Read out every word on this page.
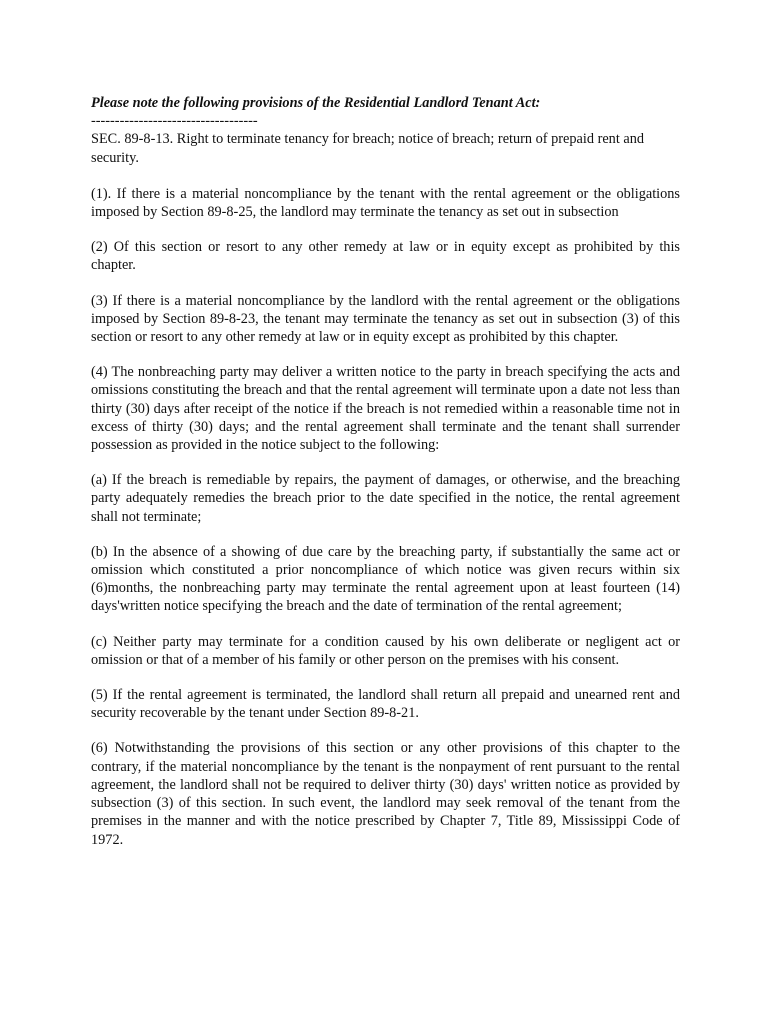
Please note the following provisions of the Residential Landlord Tenant Act:

-----------------------------------

SEC. 89-8-13. Right to terminate tenancy for breach; notice of breach; return of prepaid rent and security.

(1). If there is a material noncompliance by the tenant with the rental agreement or the obligations imposed by Section 89-8-25, the landlord may terminate the tenancy as set out in subsection

(2) Of this section or resort to any other remedy at law or in equity except as prohibited by this chapter.

(3) If there is a material noncompliance by the landlord with the rental agreement or the obligations imposed by Section 89-8-23, the tenant may terminate the tenancy as set out in subsection (3) of this section or resort to any other remedy at law or in equity except as prohibited by this chapter.

(4) The nonbreaching party may deliver a written notice to the party in breach specifying the acts and omissions constituting the breach and that the rental agreement will terminate upon a date not less than thirty (30) days after receipt of the notice if the breach is not remedied within a reasonable time not in excess of thirty (30) days; and the rental agreement shall terminate and the tenant shall surrender possession as provided in the notice subject to the following:

(a) If the breach is remediable by repairs, the payment of damages, or otherwise, and the breaching party adequately remedies the breach prior to the date specified in the notice, the rental agreement shall not terminate;

(b) In the absence of a showing of due care by the breaching party, if substantially the same act or omission which constituted a prior noncompliance of which notice was given recurs within six (6)months, the nonbreaching party may terminate the rental agreement upon at least fourteen (14) days'written notice specifying the breach and the date of termination of the rental agreement;

(c) Neither party may terminate for a condition caused by his own deliberate or negligent act or omission or that of a member of his family or other person on the premises with his consent.

(5) If the rental agreement is terminated, the landlord shall return all prepaid and unearned rent and security recoverable by the tenant under Section 89-8-21.

(6) Notwithstanding the provisions of this section or any other provisions of this chapter to the contrary, if the material noncompliance by the tenant is the nonpayment of rent pursuant to the rental agreement, the landlord shall not be required to deliver thirty (30) days' written notice as provided by subsection (3) of this section. In such event, the landlord may seek removal of the tenant from the premises in the manner and with the notice prescribed by Chapter 7, Title 89, Mississippi Code of 1972.
